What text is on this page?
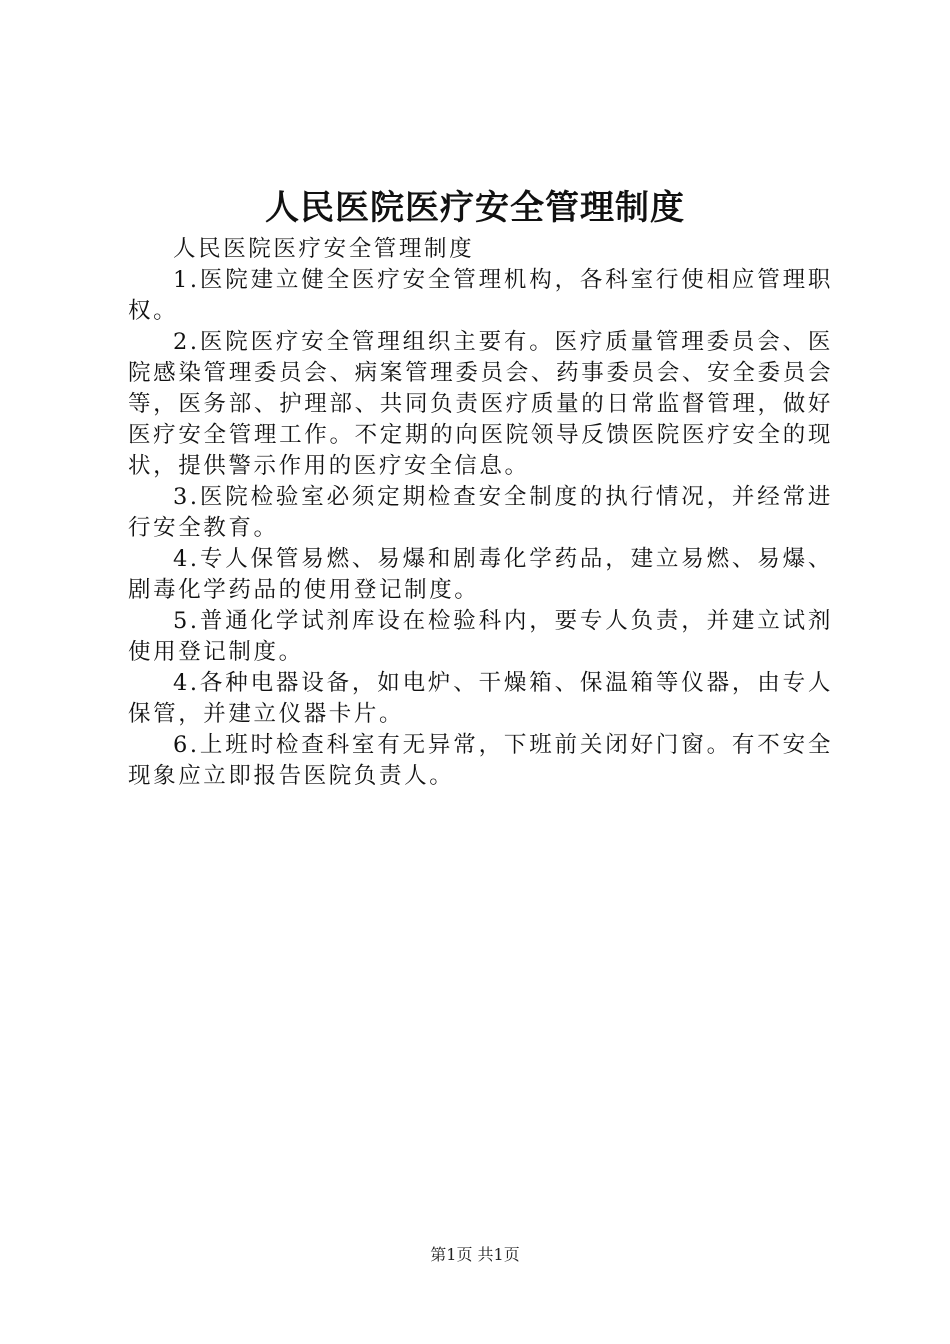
人民医院医疗安全管理制度

人民医院医疗安全管理制度

1.医院建立健全医疗安全管理机构，各科室行使相应管理职权。

2.医院医疗安全管理组织主要有。医疗质量管理委员会、医院感染管理委员会、病案管理委员会、药事委员会、安全委员会等，医务部、护理部、共同负责医疗质量的日常监督管理，做好医疗安全管理工作。不定期的向医院领导反馈医院医疗安全的现状，提供警示作用的医疗安全信息。

3.医院检验室必须定期检查安全制度的执行情况，并经常进行安全教育。

4.专人保管易燃、易爆和剧毒化学药品，建立易燃、易爆、剧毒化学药品的使用登记制度。

5.普通化学试剂库设在检验科内，要专人负责，并建立试剂使用登记制度。

4.各种电器设备，如电炉、干燥箱、保温箱等仪器，由专人保管，并建立仪器卡片。

6.上班时检查科室有无异常，下班前关闭好门窗。有不安全现象应立即报告医院负责人。

第1页 共1页
